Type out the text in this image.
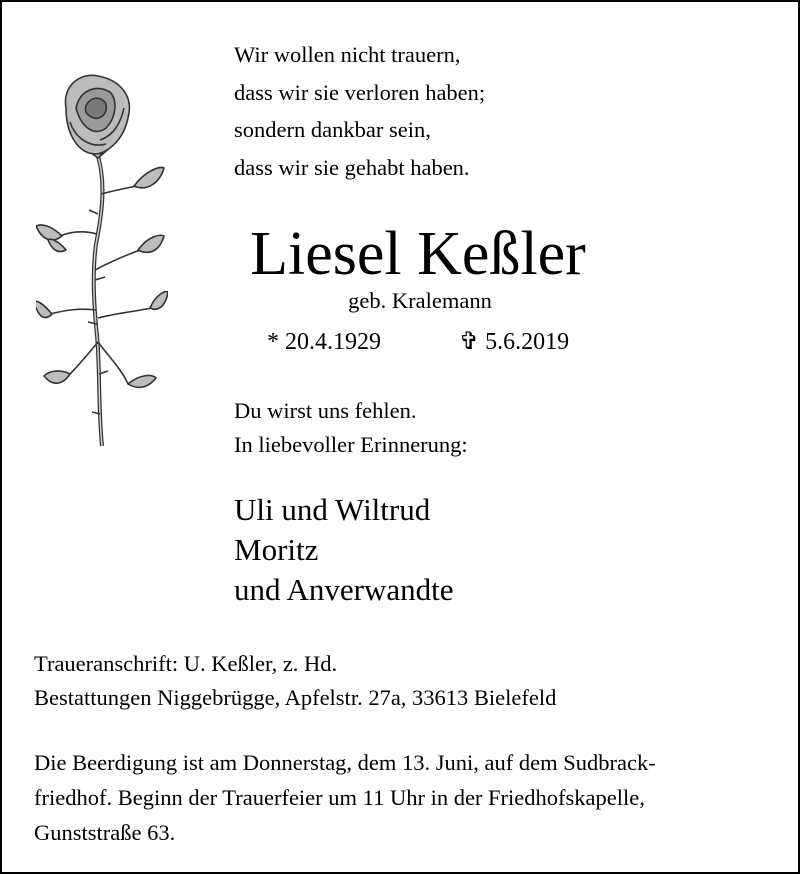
Wir wollen nicht trauern,
dass wir sie verloren haben;
sondern dankbar sein,
dass wir sie gehabt haben.
Liesel Keßler
geb. Kralemann
* 20.4.1929	✞ 5.6.2019
Du wirst uns fehlen.
In liebevoller Erinnerung:
Uli und Wiltrud
Moritz
und Anverwandte
Traueranschrift: U. Keßler, z. Hd.
Bestattungen Niggebrügge, Apfelstr. 27a, 33613 Bielefeld
Die Beerdigung ist am Donnerstag, dem 13. Juni, auf dem Sudbrack-
friedhof. Beginn der Trauerfeier um 11 Uhr in der Friedhofskapelle,
Gunststraße 63.
